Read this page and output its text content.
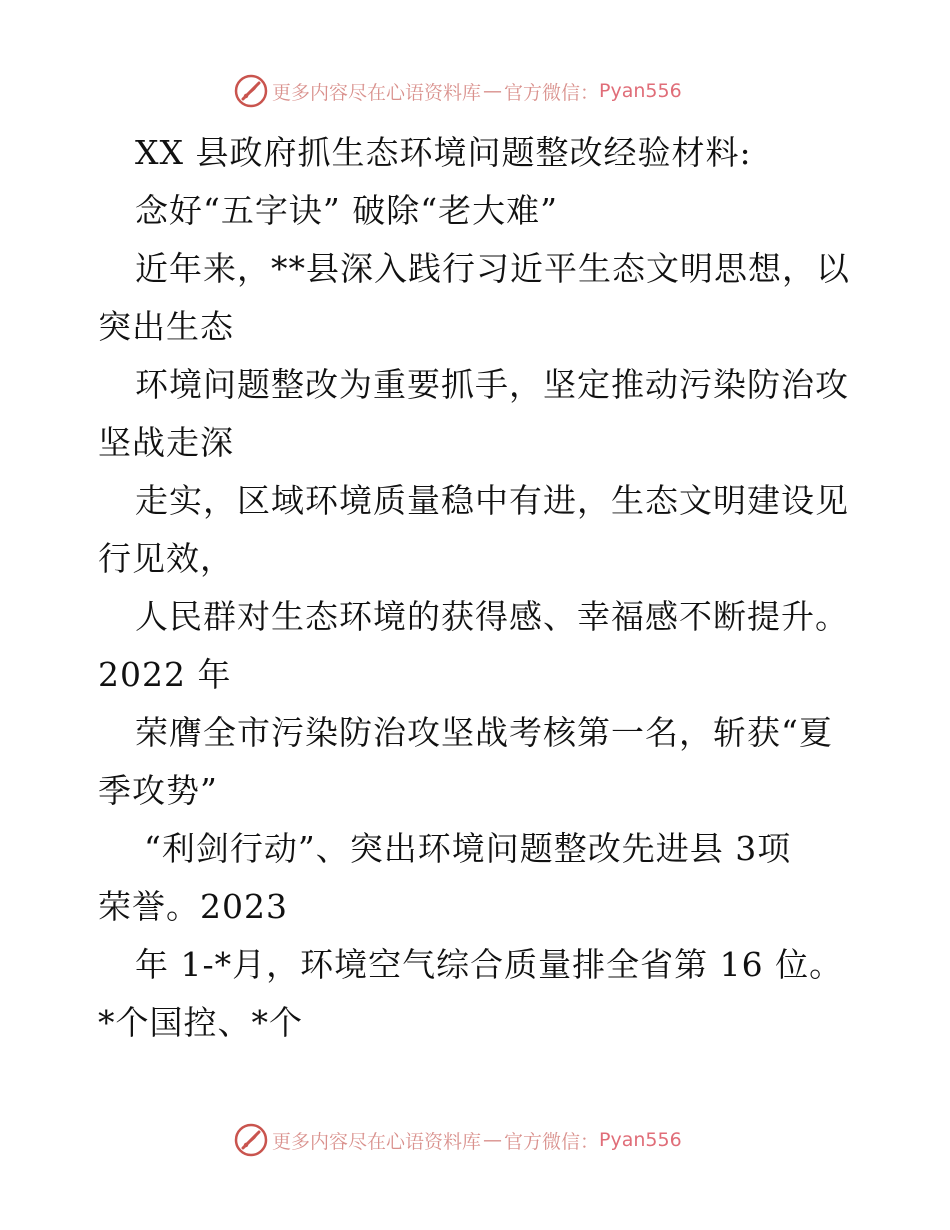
更多内容尽在心语资料库 — 官方微信： Pyan556
XX 县政府抓生态环境问题整改经验材料:
念好“五字诀” 破除“老大难”
近年来，**县深入践行习近平生态文明思想，以
突出生态
环境问题整改为重要抓手，坚定推动污染防治攻
坚战走深
走实，区域环境质量稳中有进，生态文明建设见
行见效，
人民群对生态环境的获得感、幸福感不断提升。
2022 年
荣膺全市污染防治攻坚战考核第一名，斩获“夏
季攻势”
“利剑行动”、突出环境问题整改先进县 3项
荣誉。2023
年 1-*月，环境空气综合质量排全省第 16 位。
*个国控、*个
更多内容尽在心语资料库 — 官方微信： Pyan556
